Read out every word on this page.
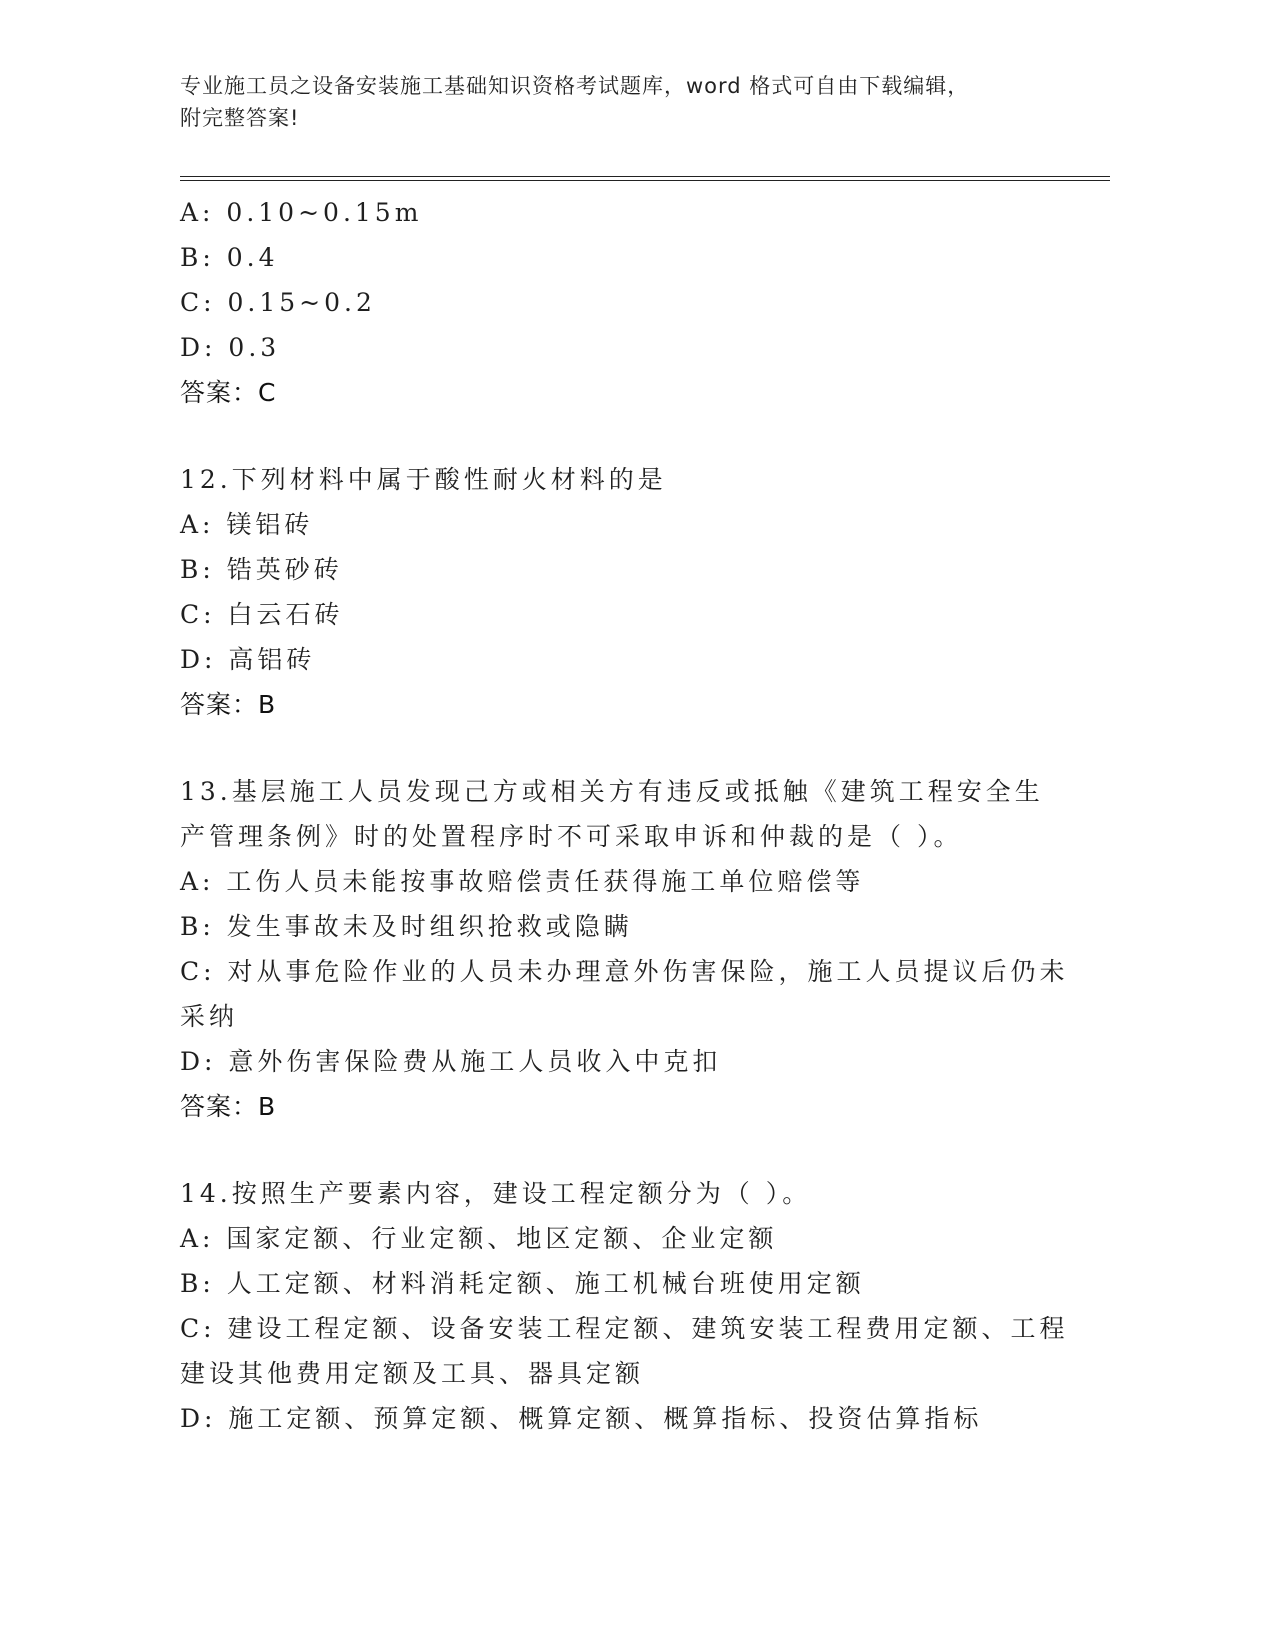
专业施工员之设备安装施工基础知识资格考试题库，word 格式可自由下载编辑，
附完整答案!
A: 0.10~0.15m
B: 0.4
C: 0.15~0.2
D: 0.3
答案：C
12.下列材料中属于酸性耐火材料的是
A: 镁铝砖
B: 锆英砂砖
C: 白云石砖
D: 高铝砖
答案：B
13.基层施工人员发现己方或相关方有违反或抵触《建筑工程安全生产管理条例》时的处置程序时不可采取申诉和仲裁的是（ ）。
A: 工伤人员未能按事故赔偿责任获得施工单位赔偿等
B: 发生事故未及时组织抢救或隐瞒
C: 对从事危险作业的人员未办理意外伤害保险，施工人员提议后仍未采纳
D: 意外伤害保险费从施工人员收入中克扣
答案：B
14.按照生产要素内容，建设工程定额分为（ ）。
A: 国家定额、行业定额、地区定额、企业定额
B: 人工定额、材料消耗定额、施工机械台班使用定额
C: 建设工程定额、设备安装工程定额、建筑安装工程费用定额、工程建设其他费用定额及工具、器具定额
D: 施工定额、预算定额、概算定额、概算指标、投资估算指标
